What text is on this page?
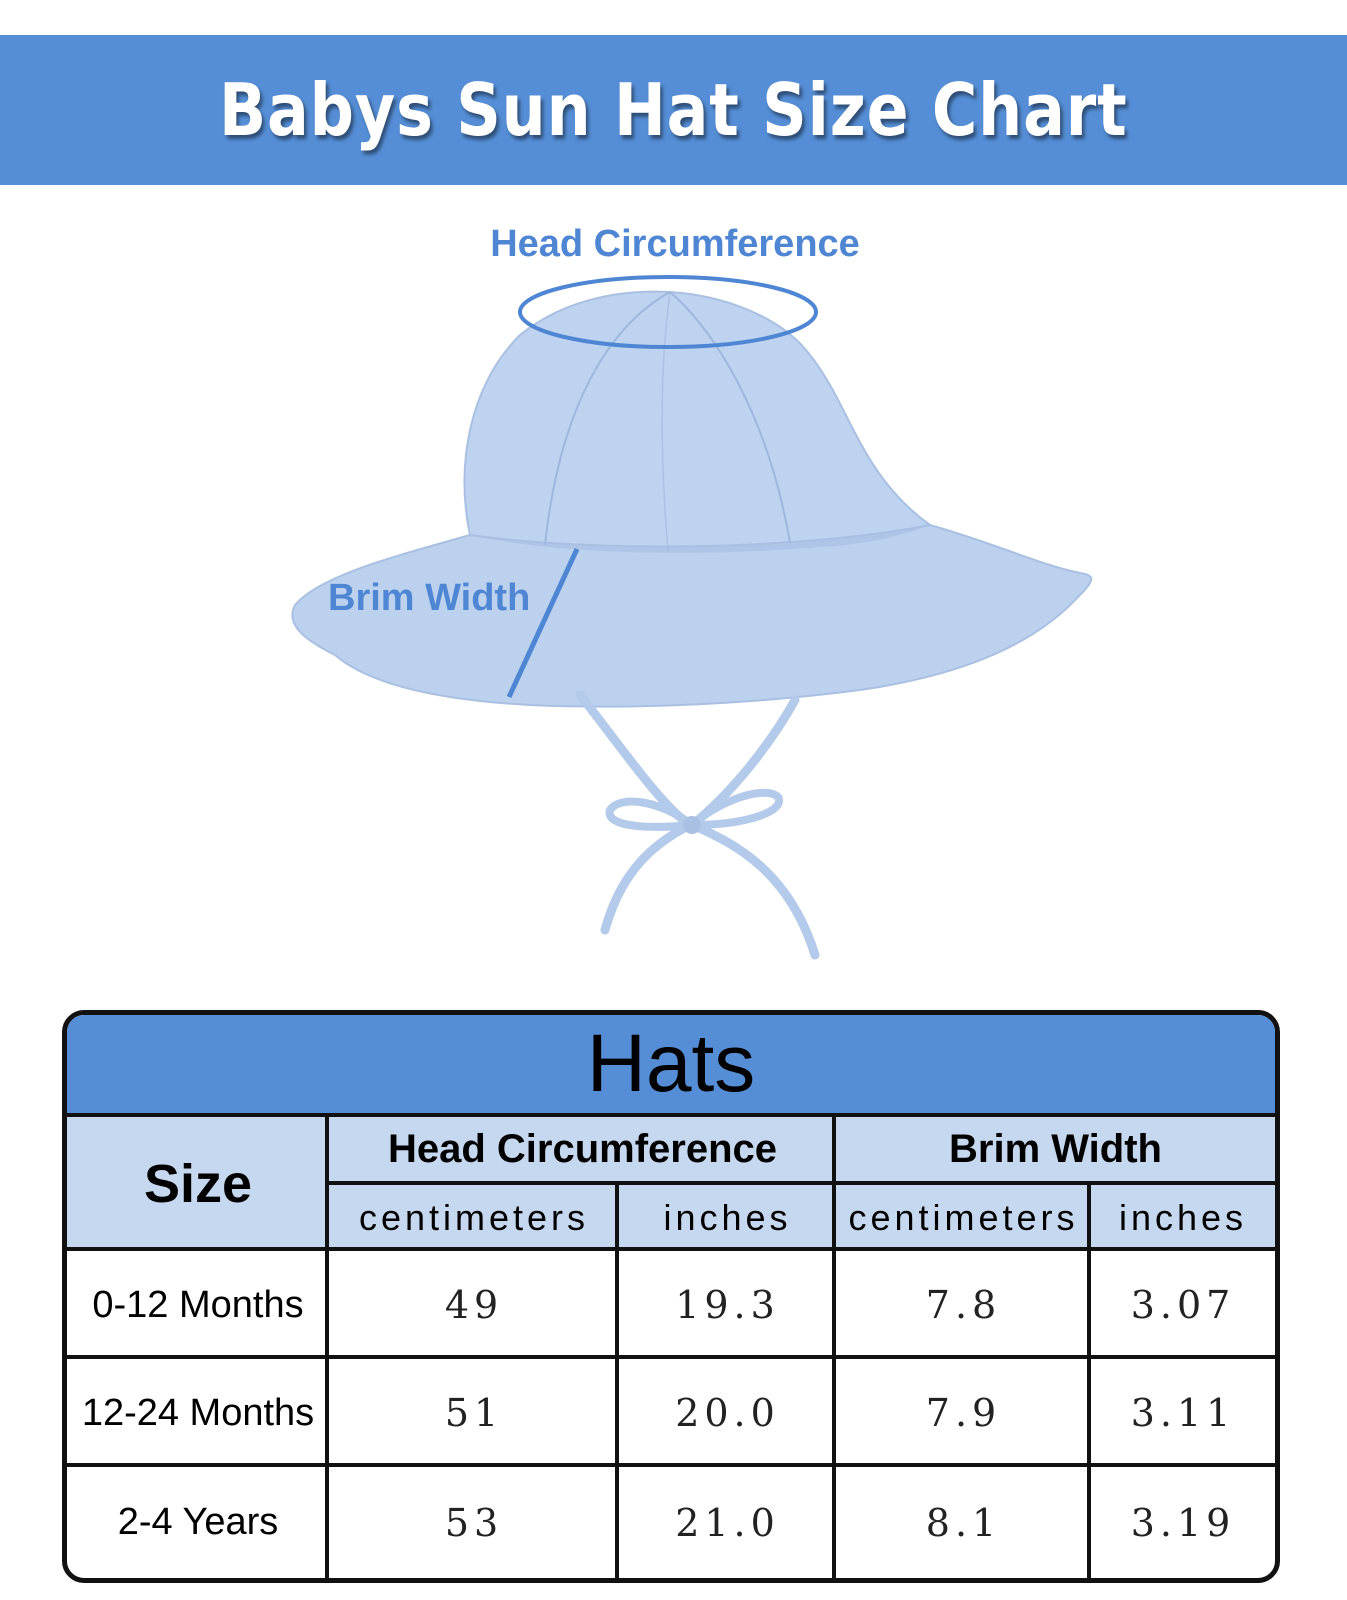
Babys Sun Hat Size Chart
Head Circumference
Brim Width
Hats
Size
Head Circumference	Brim Width
centimeters inches centimeters inches
0-12 Months	49	19.3	7.8	3.07
12-24 Months	51	20.0	7.9	3.11
2-4 Years	53	21.0	8.1	3.19
